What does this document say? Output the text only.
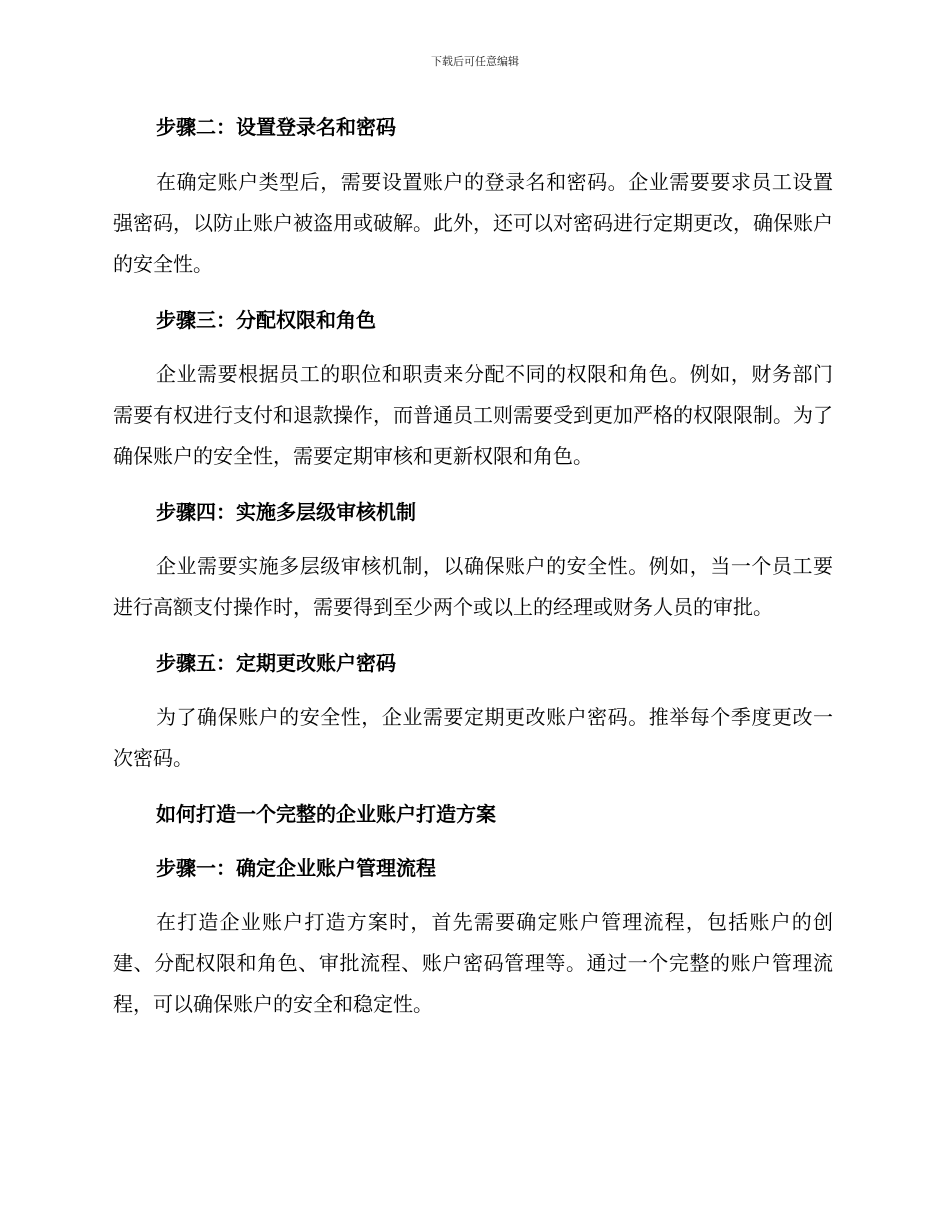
下载后可任意编辑

步骤二：设置登录名和密码

在确定账户类型后，需要设置账户的登录名和密码。企业需要要求员工设置强密码，以防止账户被盗用或破解。此外，还可以对密码进行定期更改，确保账户的安全性。

步骤三：分配权限和角色

企业需要根据员工的职位和职责来分配不同的权限和角色。例如，财务部门需要有权进行支付和退款操作，而普通员工则需要受到更加严格的权限限制。为了确保账户的安全性，需要定期审核和更新权限和角色。

步骤四：实施多层级审核机制

企业需要实施多层级审核机制，以确保账户的安全性。例如，当一个员工要进行高额支付操作时，需要得到至少两个或以上的经理或财务人员的审批。

步骤五：定期更改账户密码

为了确保账户的安全性，企业需要定期更改账户密码。推举每个季度更改一次密码。

如何打造一个完整的企业账户打造方案

步骤一：确定企业账户管理流程

在打造企业账户打造方案时，首先需要确定账户管理流程，包括账户的创建、分配权限和角色、审批流程、账户密码管理等。通过一个完整的账户管理流程，可以确保账户的安全和稳定性。
